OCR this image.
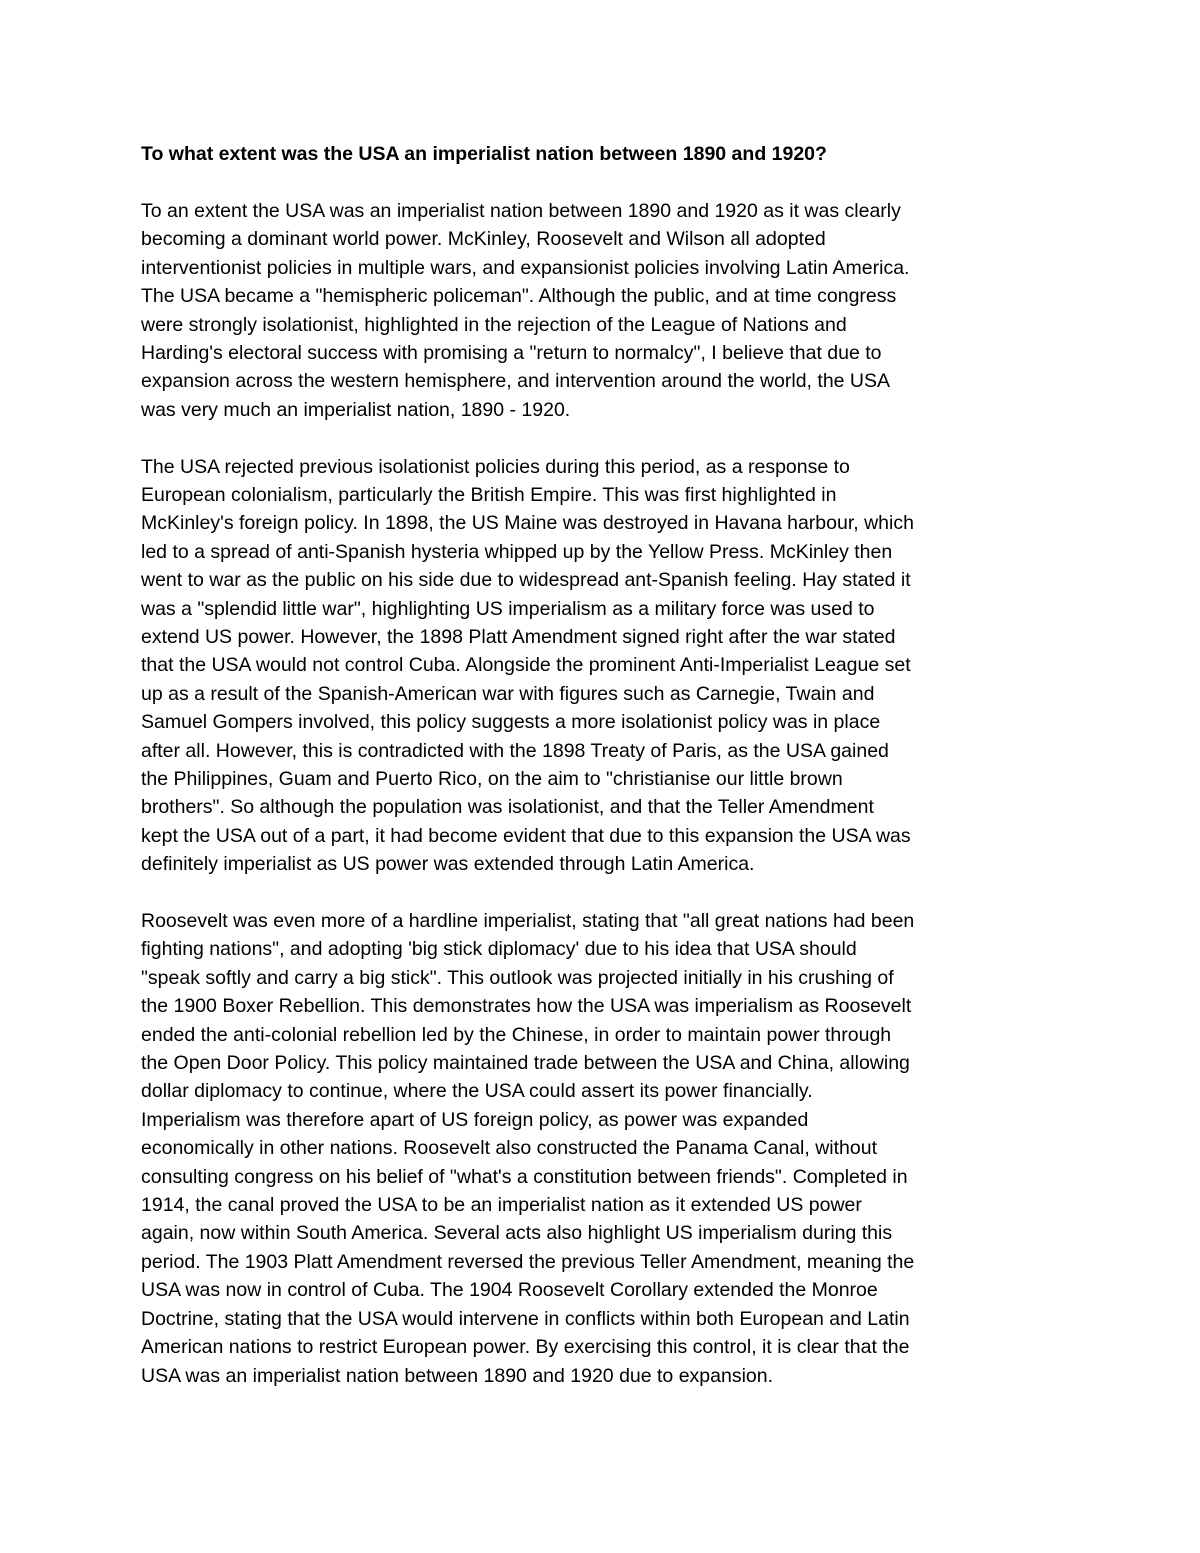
To what extent was the USA an imperialist nation between 1890 and 1920?

To an extent the USA was an imperialist nation between 1890 and 1920 as it was clearly
becoming a dominant world power. McKinley, Roosevelt and Wilson all adopted
interventionist policies in multiple wars, and expansionist policies involving Latin America.
The USA became a "hemispheric policeman". Although the public, and at time congress
were strongly isolationist, highlighted in the rejection of the League of Nations and
Harding's electoral success with promising a "return to normalcy", I believe that due to
expansion across the western hemisphere, and intervention around the world, the USA
was very much an imperialist nation, 1890 - 1920.

The USA rejected previous isolationist policies during this period, as a response to
European colonialism, particularly the British Empire. This was first highlighted in
McKinley's foreign policy. In 1898, the US Maine was destroyed in Havana harbour, which
led to a spread of anti-Spanish hysteria whipped up by the Yellow Press. McKinley then
went to war as the public on his side due to widespread ant-Spanish feeling. Hay stated it
was a "splendid little war", highlighting US imperialism as a military force was used to
extend US power. However, the 1898 Platt Amendment signed right after the war stated
that the USA would not control Cuba. Alongside the prominent Anti-Imperialist League set
up as a result of the Spanish-American war with figures such as Carnegie, Twain and
Samuel Gompers involved, this policy suggests a more isolationist policy was in place
after all. However, this is contradicted with the 1898 Treaty of Paris, as the USA gained
the Philippines, Guam and Puerto Rico, on the aim to "christianise our little brown
brothers". So although the population was isolationist, and that the Teller Amendment
kept the USA out of a part, it had become evident that due to this expansion the USA was
definitely imperialist as US power was extended through Latin America.

Roosevelt was even more of a hardline imperialist, stating that "all great nations had been
fighting nations", and adopting 'big stick diplomacy' due to his idea that USA should
"speak softly and carry a big stick". This outlook was projected initially in his crushing of
the 1900 Boxer Rebellion. This demonstrates how the USA was imperialism as Roosevelt
ended the anti-colonial rebellion led by the Chinese, in order to maintain power through
the Open Door Policy. This policy maintained trade between the USA and China, allowing
dollar diplomacy to continue, where the USA could assert its power financially.
Imperialism was therefore apart of US foreign policy, as power was expanded
economically in other nations. Roosevelt also constructed the Panama Canal, without
consulting congress on his belief of "what's a constitution between friends". Completed in
1914, the canal proved the USA to be an imperialist nation as it extended US power
again, now within South America. Several acts also highlight US imperialism during this
period. The 1903 Platt Amendment reversed the previous Teller Amendment, meaning the
USA was now in control of Cuba. The 1904 Roosevelt Corollary extended the Monroe
Doctrine, stating that the USA would intervene in conflicts within both European and Latin
American nations to restrict European power. By exercising this control, it is clear that the
USA was an imperialist nation between 1890 and 1920 due to expansion.
